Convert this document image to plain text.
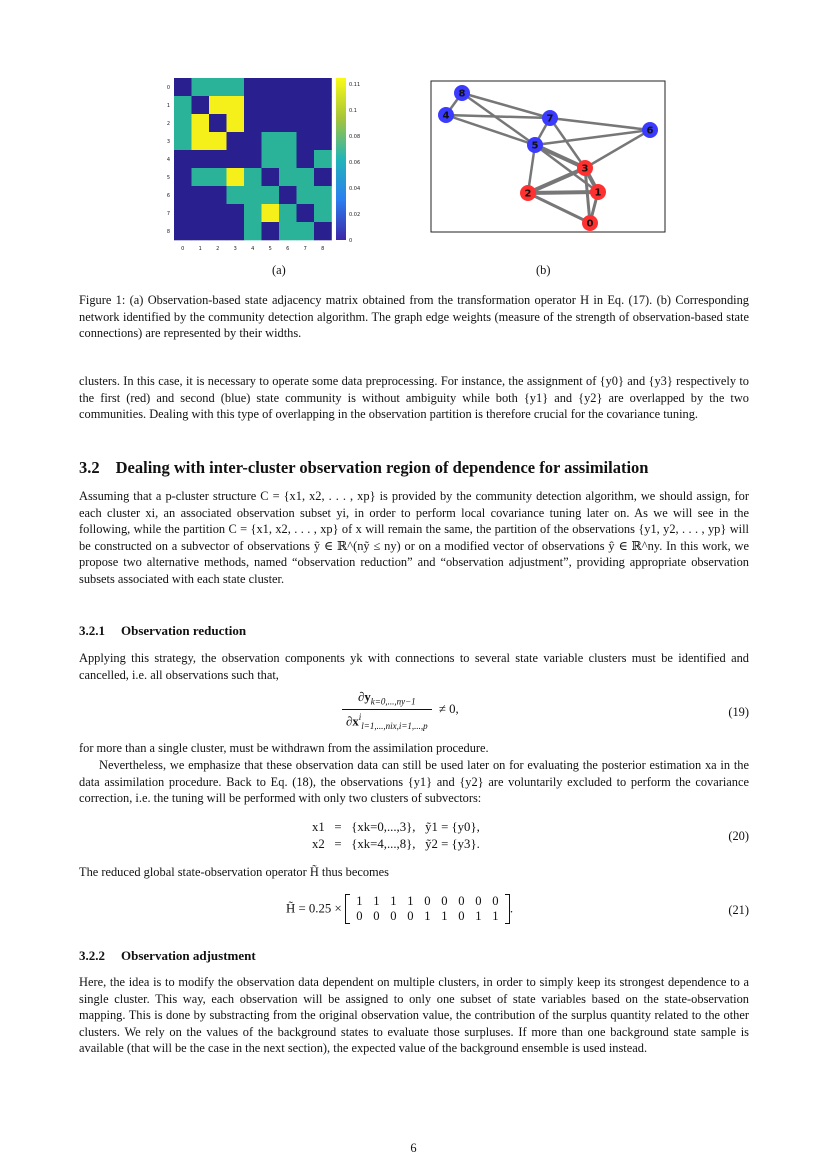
0
1
2
3
4
5
6
7
8
0	1	2	3	4	5	6	7	8
0.11
0.1
0.08
0.06
0.04
0.02
0
0
1
2
3
4
5
6
7
8
(a)	(b)
Figure 1: (a) Observation-based state adjacency matrix obtained from the transformation operator H in Eq. (17). (b) Corresponding network identified by the community detection algorithm. The graph edge weights (measure of the strength of observation-based state connections) are represented by their widths.
clusters. In this case, it is necessary to operate some data preprocessing. For instance, the assignment of {y0} and {y3} respectively to the first (red) and second (blue) state community is without ambiguity while both {y1} and {y2} are overlapped by the two communities. Dealing with this type of overlapping in the observation partition is therefore crucial for the covariance tuning.
3.2 Dealing with inter-cluster observation region of dependence for assimilation
Assuming that a p-cluster structure C = {x1, x2, . . . , xp} is provided by the community detection algorithm, we should assign, for each cluster xi, an associated observation subset yi, in order to perform local covariance tuning later on. As we will see in the following, while the partition C = {x1, x2, . . . , xp} of x will remain the same, the partition of the observations {y1, y2, . . . , yp} will be constructed on a subvector of observations ỹ ∈ ℝ^(nỹ ≤ ny) or on a modified vector of observations ŷ ∈ ℝ^ny. In this work, we propose two alternative methods, named “observation reduction” and “observation adjustment”, providing appropriate observation subsets associated with each state cluster.
3.2.1 Observation reduction
Applying this strategy, the observation components yk with connections to several state variable clusters must be identified and cancelled, i.e. all observations such that,
$\frac{\partial y_{k=0,...,ny-1}}{\partial x^i_{l=1,...,nix,i=1,...,p}} \ne 0$,	(19)
for more than a single cluster, must be withdrawn from the assimilation procedure.
Nevertheless, we emphasize that these observation data can still be used later on for evaluating the posterior estimation xa in the data assimilation procedure. Back to Eq. (18), the observations {y1} and {y2} are voluntarily excluded to perform the covariance correction, i.e. the tuning will be performed with only two clusters of subvectors:
x1   =   {xk=0,...,3},   ỹ1 = {y0},
x2   =   {xk=4,...,8},   ỹ2 = {y3}.
(20)
The reduced global state-observation operator H̃ thus becomes
H̃ = 0.25 ×
1 1 1 1 0 0 0 0 0
0 0 0 0 1 1 0 1 1
.	(21)
3.2.2 Observation adjustment
Here, the idea is to modify the observation data dependent on multiple clusters, in order to simply keep its strongest dependence to a single cluster. This way, each observation will be assigned to only one subset of state variables based on the state-observation mapping. This is done by substracting from the original observation value, the contribution of the surplus quantity related to the other clusters. We rely on the values of the background states to evaluate those surpluses. If more than one background state sample is available (that will be the case in the next section), the expected value of the background ensemble is used instead.
6
